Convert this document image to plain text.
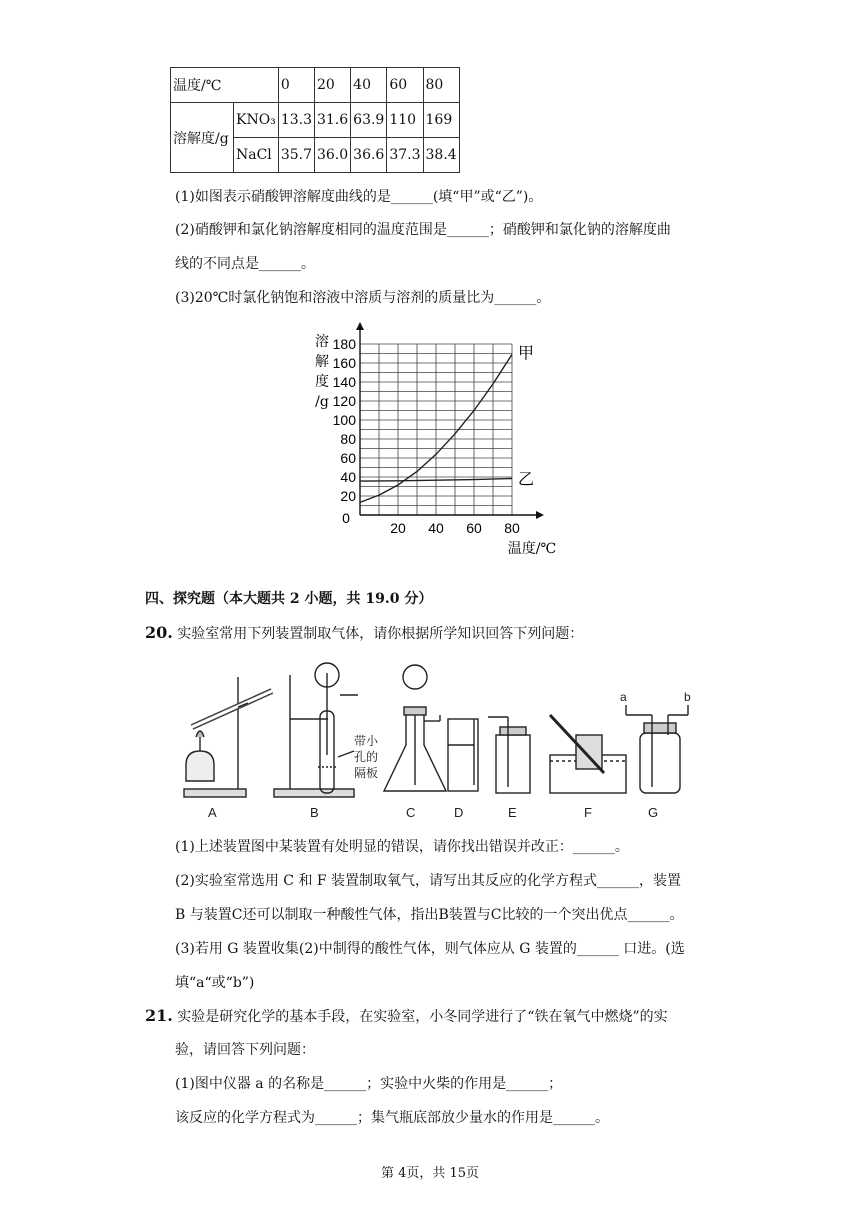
温度/℃		0	20	40	60	80
溶解度/g	KNO₃	13.3	31.6	63.9	110	169
	NaCl	35.7	36.0	36.6	37.3	38.4
(1)如图表示硝酸钾溶解度曲线的是______(填“甲”或“乙”)。
(2)硝酸钾和氯化钠溶解度相同的温度范围是______；硝酸钾和氯化钠的溶解度曲
线的不同点是______。
(3)20℃时氯化钠饱和溶液中溶质与溶剂的质量比为______。
20
40
60
80
100
120
140
160
180
20 40 60 80
0
溶
解
度
/g
温度/℃
甲
乙
四、探究题（本大题共 2 小题，共 19.0 分）
20. 实验室常用下列装置制取气体，请你根据所学知识回答下列问题：
A	B	C	D	E	F	G
带小
孔的
隔板
a	b
(1)上述装置图中某装置有处明显的错误，请你找出错误并改正：______。
(2)实验室常选用 C 和 F 装置制取氧气，请写出其反应的化学方程式______，装置
B 与装置C还可以制取一种酸性气体，指出B装置与C比较的一个突出优点______。
(3)若用 G 装置收集(2)中制得的酸性气体，则气体应从 G 装置的______ 口进。(选
填“a“或“b”)
21. 实验是研究化学的基本手段，在实验室，小冬同学进行了“铁在氧气中燃烧”的实
验，请回答下列问题：
(1)图中仪器 a 的名称是______；实验中火柴的作用是______；
该反应的化学方程式为______；集气瓶底部放少量水的作用是______。
第 4页，共 15页
